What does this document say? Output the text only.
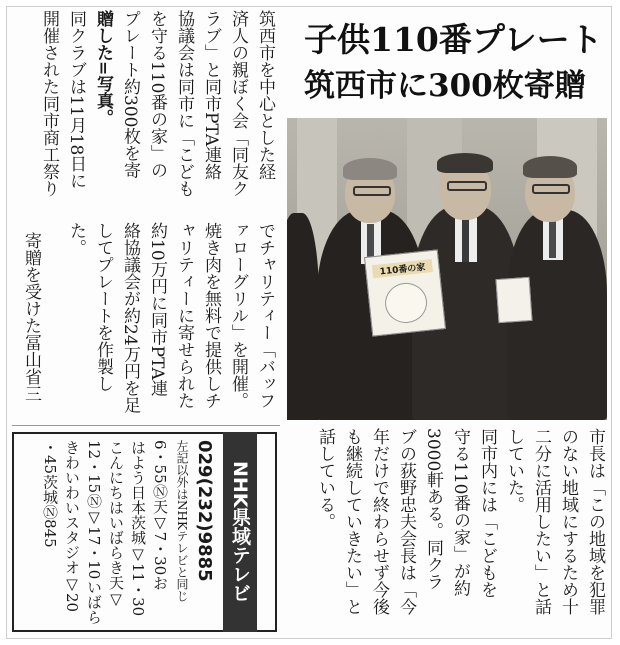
子供110番プレート
筑西市に300枚寄贈
筑西市を中心とした経
済人の親ぼく会「同友ク
ラブ」と同市PTA連絡
協議会は同市に「こども
を守る110番の家」の
プレート約300枚を寄
贈した=写真。
同クラブは11月18日に
開催された同市商工祭り
でチャリティー「バッフ
ァローグリル」を開催。
焼き肉を無料で提供しチ
ャリティーに寄せられた
約10万円に同市PTA連
絡協議会が約24万円を足
してプレートを作製し
た。
寄贈を受けた冨山省三	110番の家
市長は「この地域を犯罪
のない地域にするため十
二分に活用したい」と話
していた。
同市内には「こどもを
守る110番の家」が約
3000軒ある。同クラ
ブの荻野忠夫会長は「今
年だけで終わらせず今後
も継続していきたい」と
話している。
NHK県域テレビ
029(232)9885
左記以外はNHKテレビと同じ
6・55Ⓝ天▽7・30お
はよう日本茨城▽11・30
こんにちはいばらき天▽
12・15Ⓝ▽17・10いばら
きわいわいスタジオ▽20
・45茨城Ⓝ845
